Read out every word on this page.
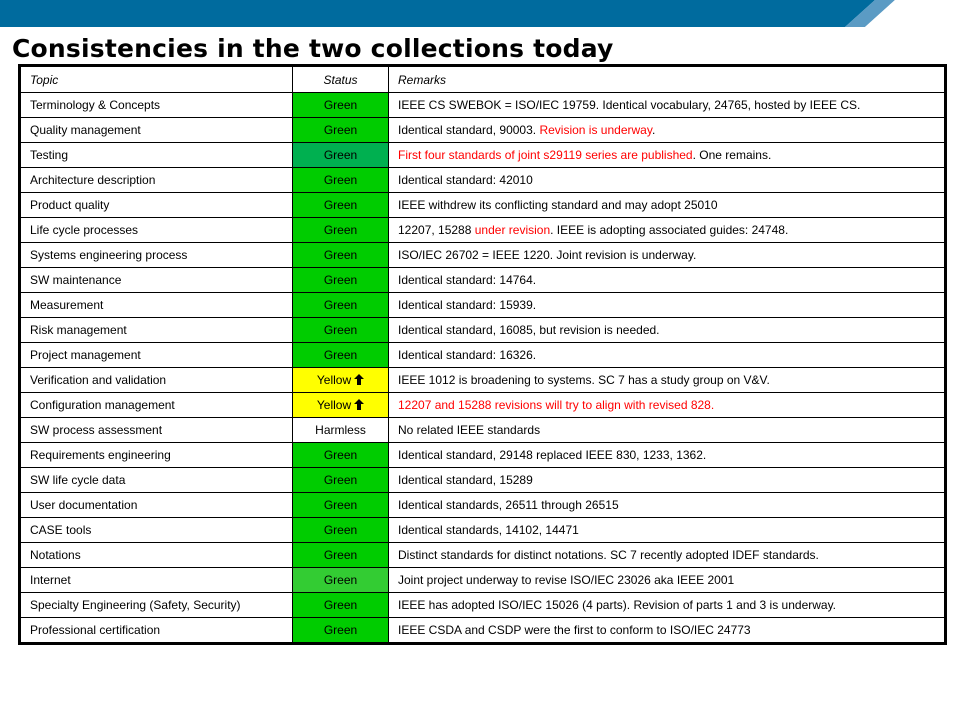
Consistencies in the two collections today
Topic	Status	Remarks
Terminology & Concepts	Green	IEEE CS SWEBOK = ISO/IEC 19759. Identical vocabulary, 24765, hosted by IEEE CS.
Quality management	Green	Identical standard, 90003. Revision is underway.
Testing	Green	First four standards of joint s29119 series are published. One remains.
Architecture description	Green	Identical standard: 42010
Product quality	Green	IEEE withdrew its conflicting standard and may adopt 25010
Life cycle processes	Green	12207, 15288 under revision. IEEE is adopting associated guides: 24748.
Systems engineering process	Green	ISO/IEC 26702 = IEEE 1220. Joint revision is underway.
SW maintenance	Green	Identical standard: 14764.
Measurement	Green	Identical standard: 15939.
Risk management	Green	Identical standard, 16085, but revision is needed.
Project management	Green	Identical standard: 16326.
Verification and validation	Yellow	IEEE 1012 is broadening to systems. SC 7 has a study group on V&V.
Configuration management	Yellow	12207 and 15288 revisions will try to align with revised 828.
SW process assessment	Harmless	No related IEEE standards
Requirements engineering	Green	Identical standard, 29148 replaced IEEE 830, 1233, 1362.
SW life cycle data	Green	Identical standard, 15289
User documentation	Green	Identical standards, 26511 through 26515
CASE tools	Green	Identical standards, 14102, 14471
Notations	Green	Distinct standards for distinct notations. SC 7 recently adopted IDEF standards.
Internet	Green	Joint project underway to revise ISO/IEC 23026 aka IEEE 2001
Specialty Engineering (Safety, Security)	Green	IEEE has adopted ISO/IEC 15026 (4 parts). Revision of parts 1 and 3 is underway.
Professional certification	Green	IEEE CSDA and CSDP were the first to conform to ISO/IEC 24773
